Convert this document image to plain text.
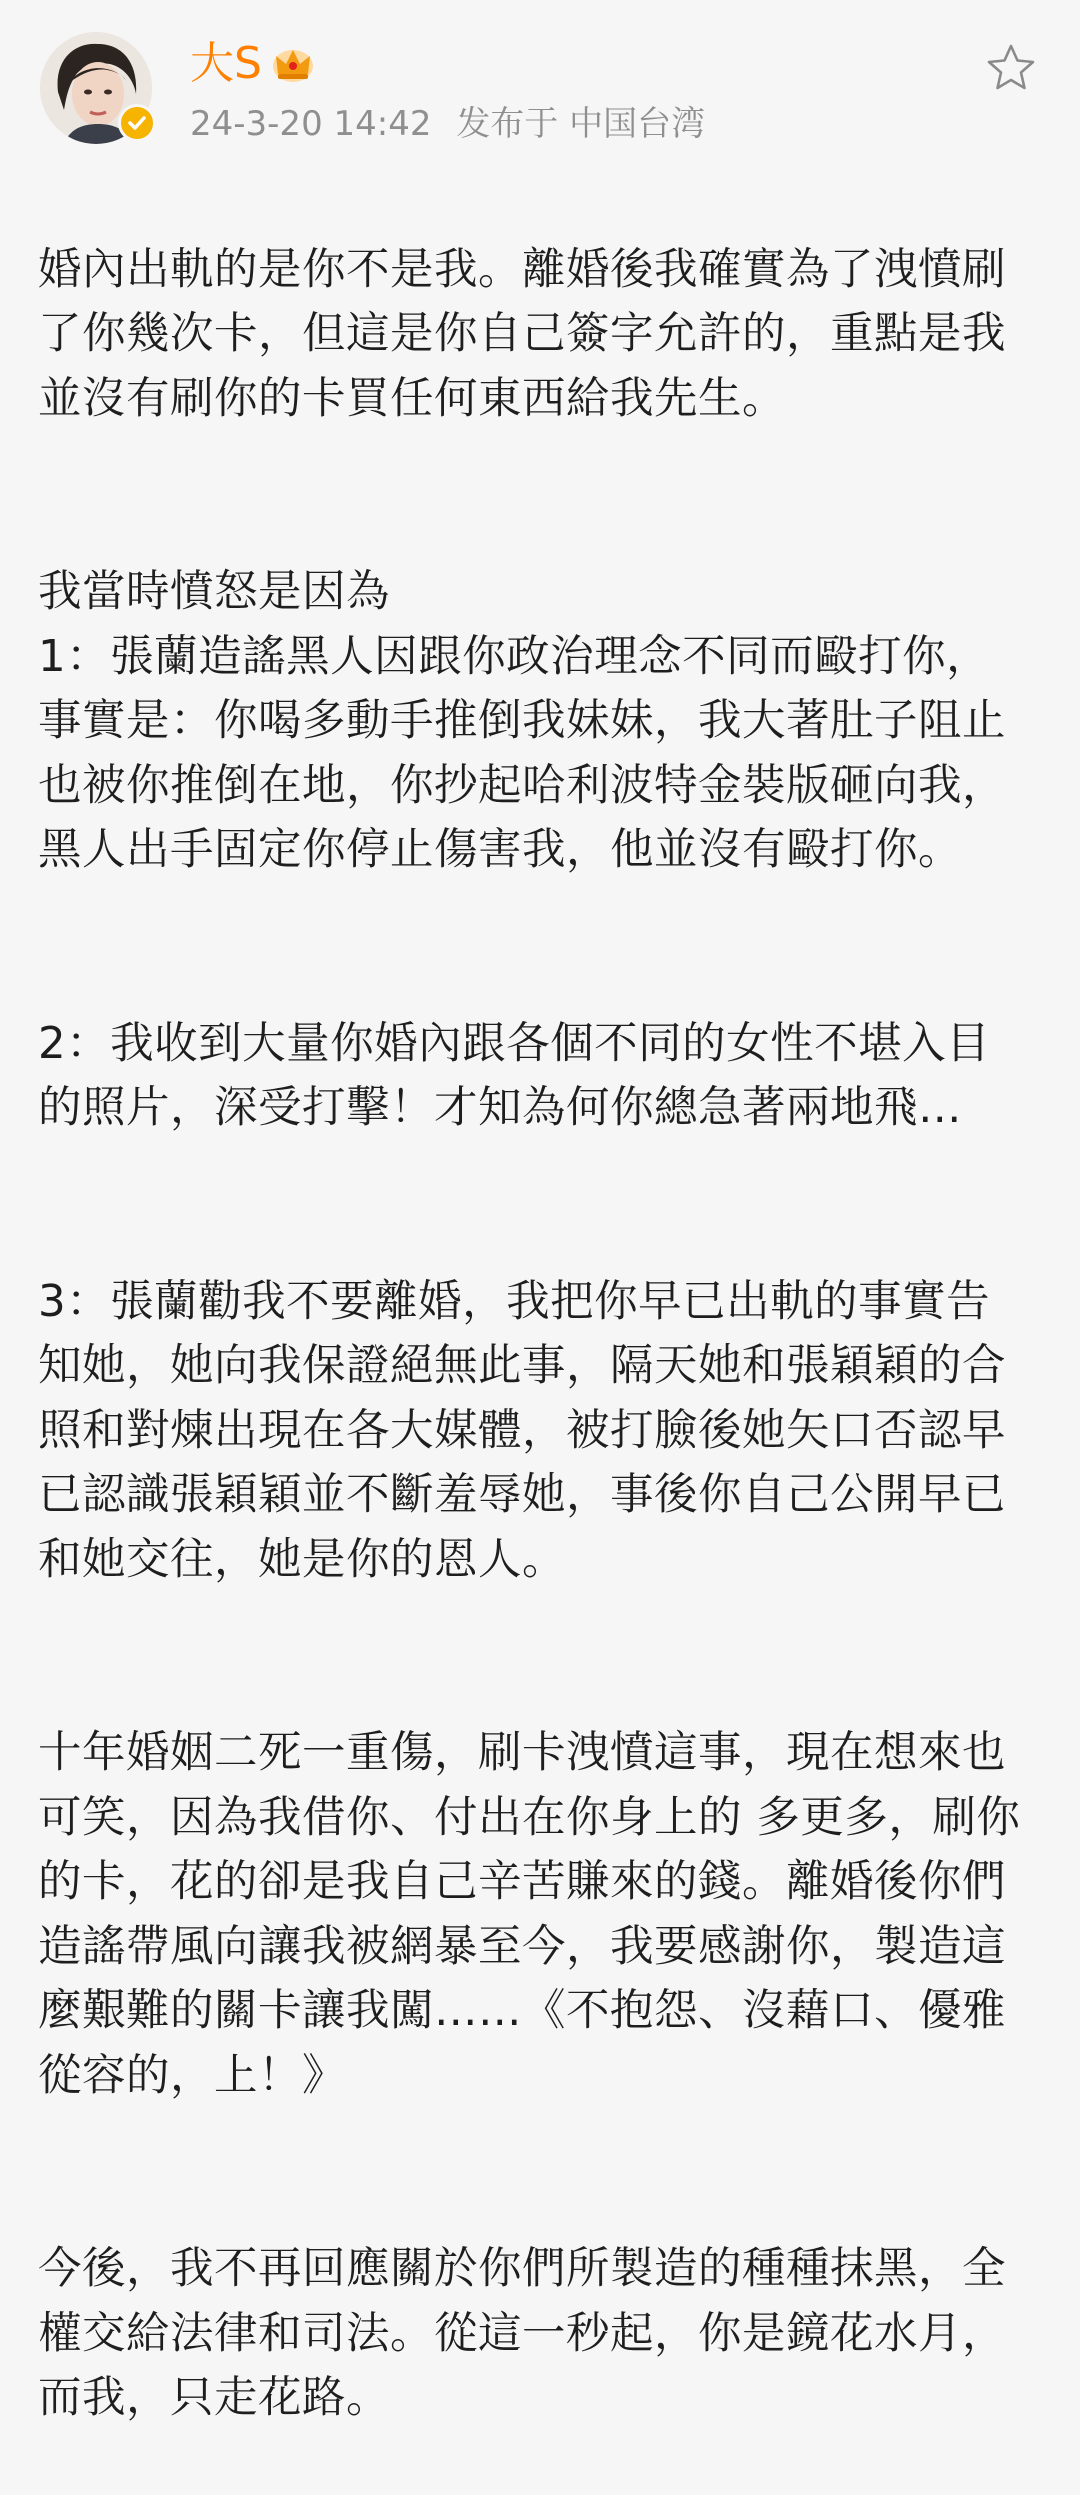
大S
24-3-20 14:42 发布于 中国台湾

婚內出軌的是你不是我。離婚後我確實為了洩憤刷
了你幾次卡，但這是你自己簽字允許的，重點是我
並沒有刷你的卡買任何東西給我先生。

我當時憤怒是因為
1：張蘭造謠黑人因跟你政治理念不同而毆打你，
事實是：你喝多動手推倒我妹妹，我大著肚子阻止
也被你推倒在地，你抄起哈利波特金裝版砸向我，
黑人出手固定你停止傷害我，他並沒有毆打你。

2：我收到大量你婚內跟各個不同的女性不堪入目
的照片，深受打擊！才知為何你總急著兩地飛…

3：張蘭勸我不要離婚，我把你早已出軌的事實告
知她，她向我保證絕無此事，隔天她和張穎穎的合
照和對煉出現在各大媒體，被打臉後她矢口否認早
已認識張穎穎並不斷羞辱她，事後你自己公開早已
和她交往，她是你的恩人。

十年婚姻二死一重傷，刷卡洩憤這事，現在想來也
可笑，因為我借你、付出在你身上的 多更多，刷你
的卡，花的卻是我自己辛苦賺來的錢。離婚後你們
造謠帶風向讓我被網暴至今，我要感謝你，製造這
麼艱難的關卡讓我闖……《不抱怨、沒藉口、優雅
從容的，上！》

今後，我不再回應關於你們所製造的種種抹黑，全
權交給法律和司法。從這一秒起，你是鏡花水月，
而我，只走花路。
